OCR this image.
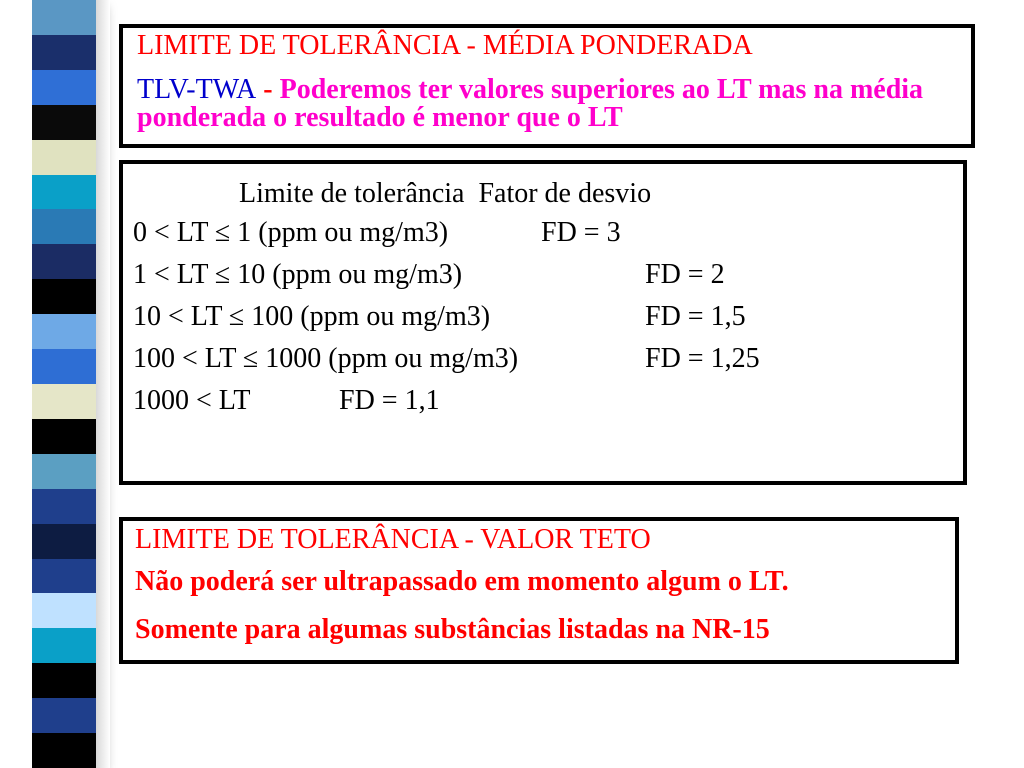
LIMITE DE TOLERÂNCIA - MÉDIA PONDERADA

TLV-TWA - Poderemos ter valores superiores ao LT mas na média ponderada o resultado é menor que o LT

Limite de tolerância Fator de desvio
0 < LT ≤ 1 (ppm ou mg/m3)	FD = 3
1 < LT ≤ 10 (ppm ou mg/m3)	FD = 2
10 < LT ≤ 100 (ppm ou mg/m3)	FD = 1,5
100 < LT ≤ 1000 (ppm ou mg/m3)	FD = 1,25
1000 < LT	FD = 1,1

LIMITE DE TOLERÂNCIA - VALOR TETO

Não poderá ser ultrapassado em momento algum o LT.

Somente para algumas substâncias listadas na NR-15
